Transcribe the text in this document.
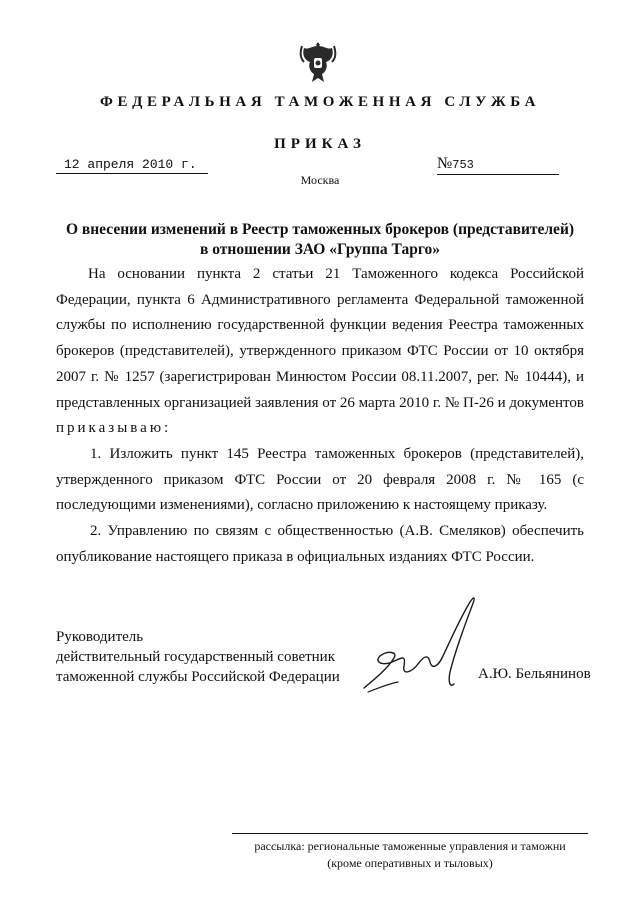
ФЕДЕРАЛЬНАЯ ТАМОЖЕННАЯ СЛУЖБА
ПРИКАЗ
12 апреля 2010 г.	№753
Москва
О внесении изменений в Реестр таможенных брокеров (представителей)
в отношении ЗАО «Группа Тарго»

На основании пункта 2 статьи 21 Таможенного кодекса Российской Федерации, пункта 6 Административного регламента Федеральной таможенной службы по исполнению государственной функции ведения Реестра таможенных брокеров (представителей), утвержденного приказом ФТС России от 10 октября 2007 г. № 1257 (зарегистрирован Минюстом России 08.11.2007, рег. № 10444), и представленных организацией заявления от 26 марта 2010 г. № П-26 и документов приказываю:

1. Изложить пункт 145 Реестра таможенных брокеров (представителей), утвержденного приказом ФТС России от 20 февраля 2008 г. № 165 (с последующими изменениями), согласно приложению к настоящему приказу.

2. Управлению по связям с общественностью (А.В. Смеляков) обеспечить опубликование настоящего приказа в официальных изданиях ФТС России.

Руководитель
действительный государственный советник
таможенной службы Российской Федерации	А.Ю. Бельянинов
рассылка: региональные таможенные управления и таможни
(кроме оперативных и тыловых)
